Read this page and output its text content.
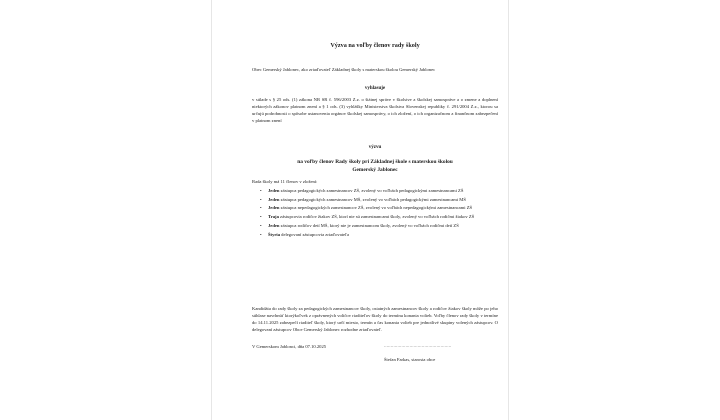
Výzva na voľby členov rady školy
Obec Gemerský Jablonec, ako zriaďovateľ Základnej školy s materskou školou Gemerský Jablonec
vyhlasuje
v súlade s § 25 ods. (1) zákona NR SR č. 596/2003 Z.z. o štátnej správe v školstve a školskej samospráve a o zmene a doplnení niektorých zákonov platnom znení a § 1 ods. (3) vyhlášky Ministerstva školstva Slovenskej republiky č. 291/2004 Z.z., ktorou sa určujú podrobnosti o spôsobe ustanovenia orgánov školskej samosprávy, o ich zložení, o ich organizačnom a finančnom zabezpečení v platnom znení
výzvu
na voľby členov Rady školy pri Základnej škole s materskou školou
Gemerský Jablonec
Rada školy má 11 členov v zložení:
• Jeden zástupca pedagogických zamestnancov ZŠ, zvolený vo voľbách pedagogickými zamestnancami ZŠ
• Jeden zástupca pedagogických zamestnancov MŠ, zvolený vo voľbách pedagogickými zamestnancami MŠ
• Jeden zástupca nepedagogických zamestnancov ZŠ, zvolený vo voľbách nepedagogickými zamestnancami ZŠ
• Traja zástupcovia rodičov žiakov ZŠ, ktorí nie sú zamestnancami školy, zvolený vo voľbách rodičmi žiakov ZŠ
• Jeden zástupca rodičov detí MŠ, ktorý nie je zamestnancom školy, zvolený vo voľbách rodičmi detí ZŠ
• Štyria delegovaní zástupcovia zriaďovateľa
Kandidáta do rady školy za pedagogických zamestnancov školy, ostatných zamestnancov školy a rodičov žiakov školy môže po jeho súhlase navrhnúť ktorýkoľvek z oprávnených voličov riaditeľov školy do termínu konania volieb. Voľby členov rady školy v termíne do 14.11.2025 zabezpečí riaditeľ školy, ktorý určí miesto, termín a čas konania volieb pre jednotlivé skupiny volených zástupcov. O delegovaní zástupcov Obce Gemerský Jablonec rozhodne zriaďovateľ.
V Gemerskom Jablonci, dňa 07.10.2025	..................................................
Štefan Farkas, starosta obce
